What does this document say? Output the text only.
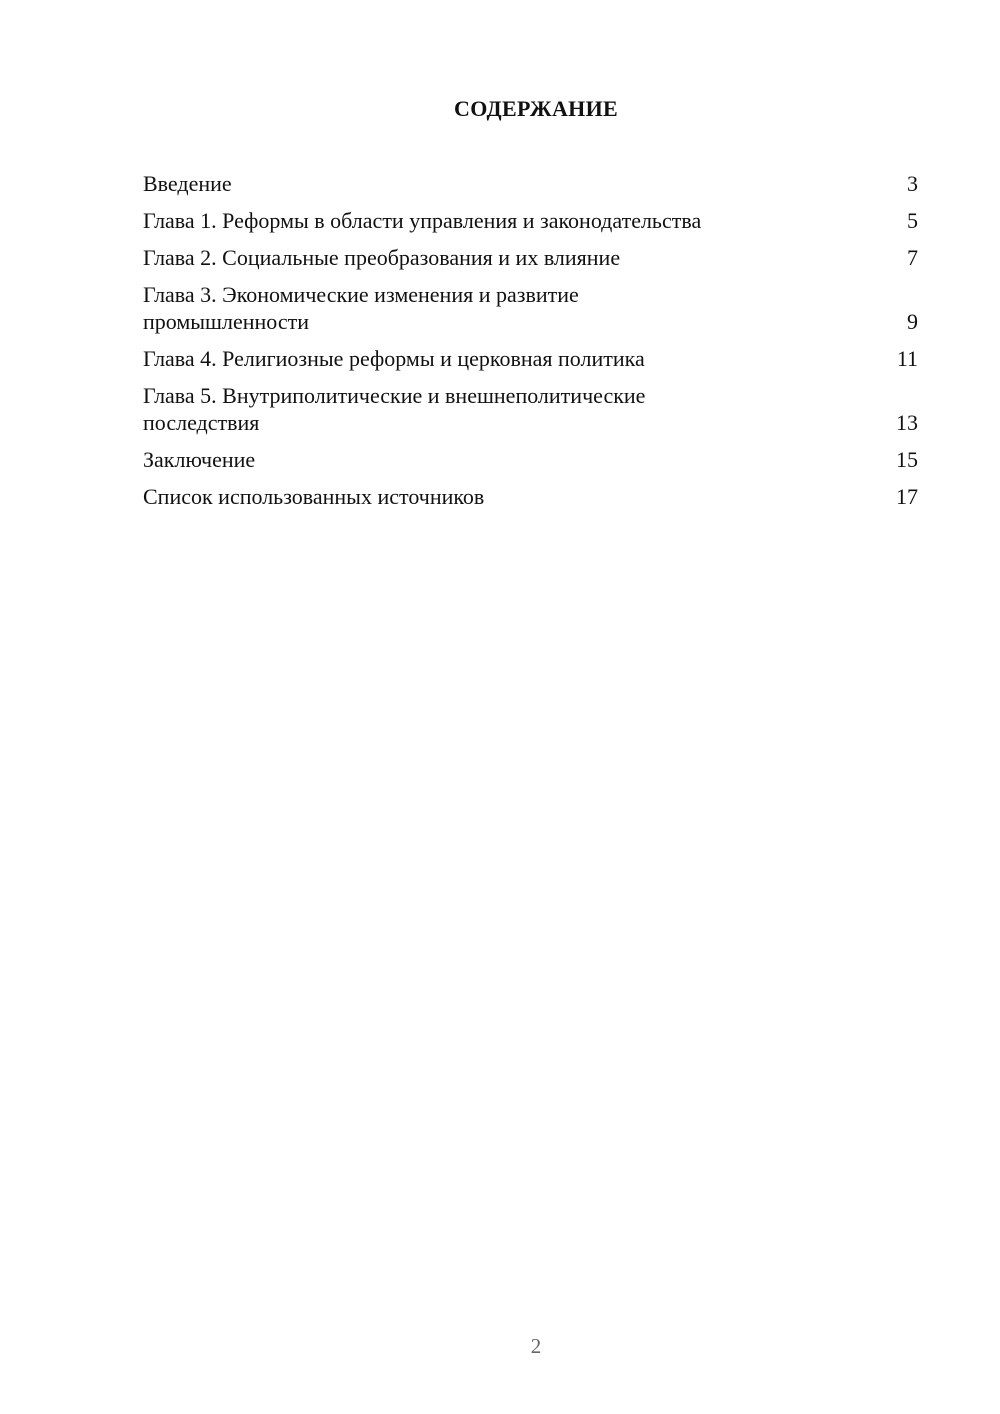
СОДЕРЖАНИЕ
Введение	3
Глава 1. Реформы в области управления и законодательства	5
Глава 2. Социальные преобразования и их влияние	7
Глава 3. Экономические изменения и развитие промышленности	9
Глава 4. Религиозные реформы и церковная политика	11
Глава 5. Внутриполитические и внешнеполитические последствия	13
Заключение	15
Список использованных источников	17
2
